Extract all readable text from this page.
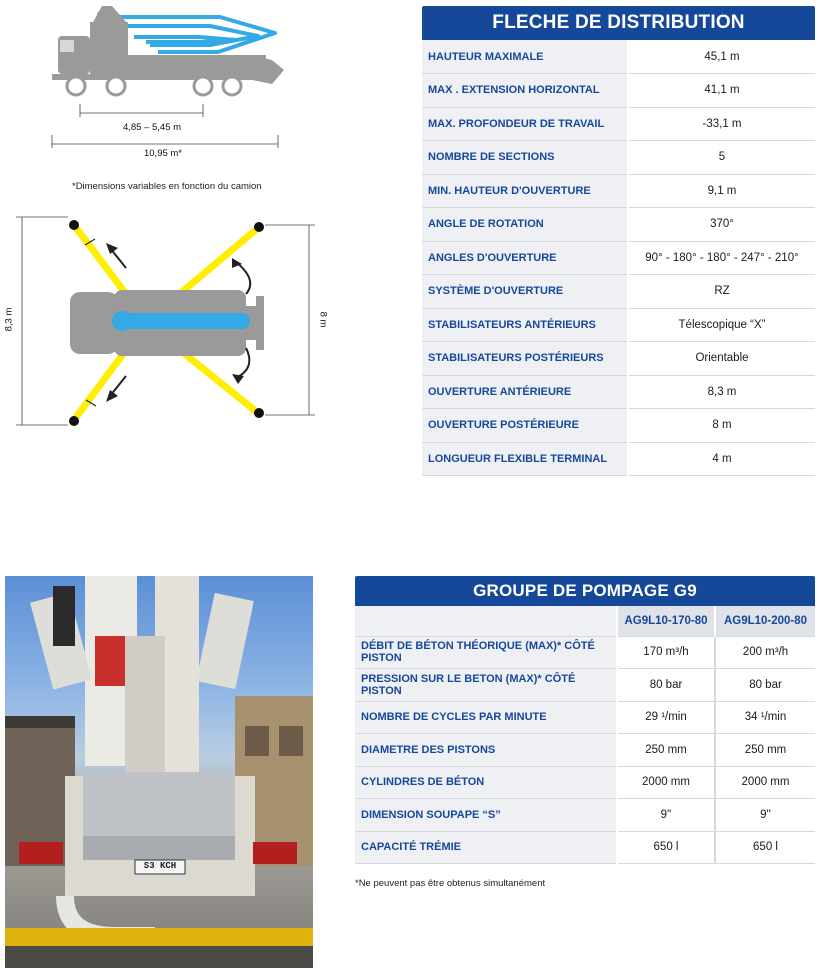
4,85 – 5,45 m
10,95 m*
*Dimensions variables en fonction du camion
8,3 m	8 m
FLECHE DE DISTRIBUTION
HAUTEUR MAXIMALE	45,1 m
MAX . EXTENSION HORIZONTAL	41,1 m
MAX. PROFONDEUR DE TRAVAIL	-33,1 m
NOMBRE DE SECTIONS	5
MIN. HAUTEUR D'OUVERTURE	9,1 m
ANGLE DE ROTATION	370°
ANGLES D'OUVERTURE	90° - 180° - 180° - 247° - 210°
SYSTÈME D'OUVERTURE	RZ
STABILISATEURS ANTÉRIEURS	Télescopique “X”
STABILISATEURS POSTÉRIEURS	Orientable
OUVERTURE ANTÉRIEURE	8,3 m
OUVERTURE POSTÉRIEURE	8 m
LONGUEUR FLEXIBLE TERMINAL	4 m
S3 KCH
GROUPE DE POMPAGE G9
	AG9L10-170-80	AG9L10-200-80
DÉBIT DE BÉTON THÉORIQUE (MAX)* CÔTÉ PISTON	170 m³/h	200 m³/h
PRESSION SUR LE BETON (MAX)* CÔTÉ PISTON	80 bar	80 bar
NOMBRE DE CYCLES PAR MINUTE	29 ¹/min	34 ¹/min
DIAMETRE DES PISTONS	250 mm	250 mm
CYLINDRES DE BÉTON	2000 mm	2000 mm
DIMENSION SOUPAPE “S”	9''	9''
CAPACITÉ TRÉMIE	650 l	650 l
*Ne peuvent pas être obtenus simultanément
